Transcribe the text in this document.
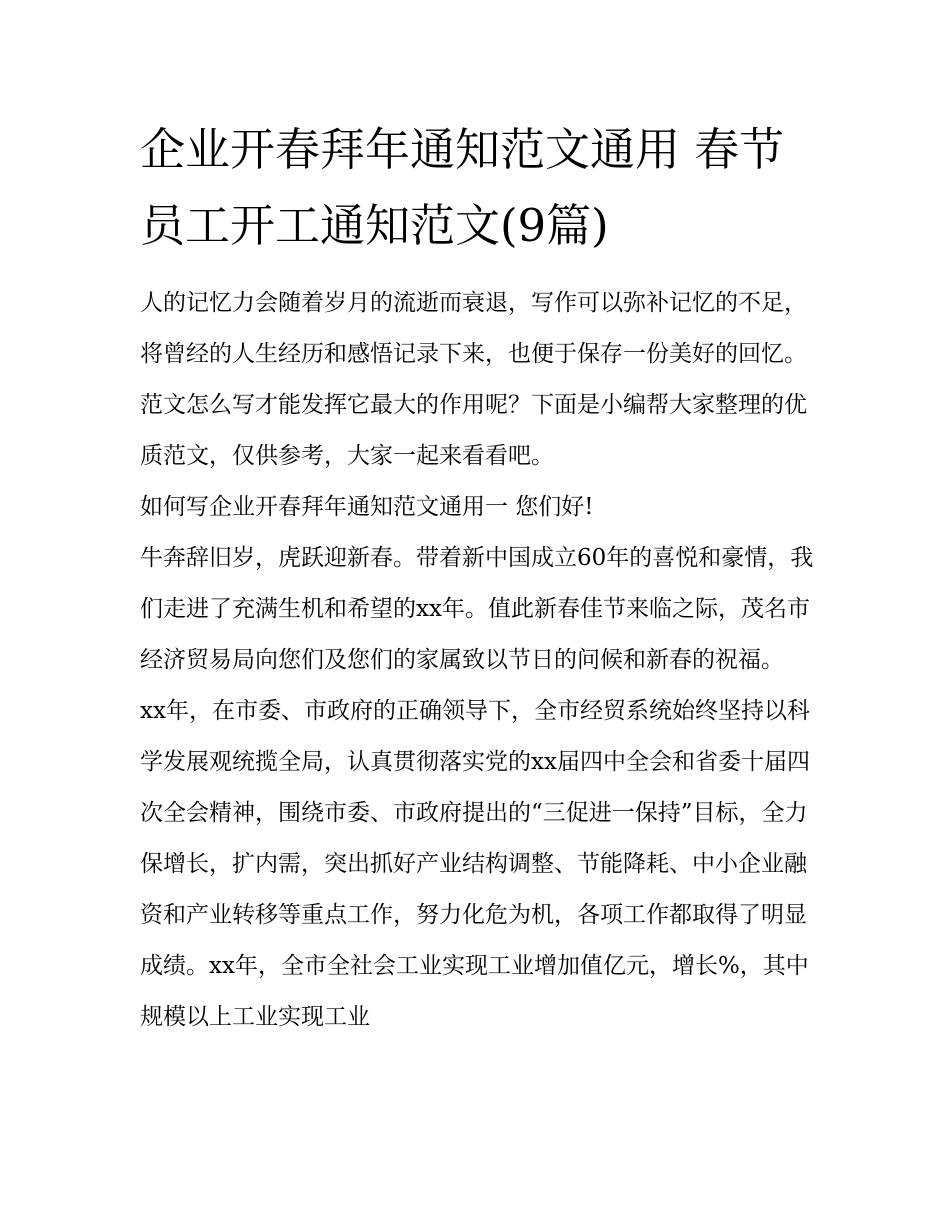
企业开春拜年通知范文通用 春节员工开工通知范文(9篇)

人的记忆力会随着岁月的流逝而衰退，写作可以弥补记忆的不足，将曾经的人生经历和感悟记录下来，也便于保存一份美好的回忆。范文怎么写才能发挥它最大的作用呢？下面是小编帮大家整理的优质范文，仅供参考，大家一起来看看吧。

如何写企业开春拜年通知范文通用一 您们好!

牛奔辞旧岁，虎跃迎新春。带着新中国成立60年的喜悦和豪情，我们走进了充满生机和希望的xx年。值此新春佳节来临之际，茂名市经济贸易局向您们及您们的家属致以节日的问候和新春的祝福。

xx年，在市委、市政府的正确领导下，全市经贸系统始终坚持以科学发展观统揽全局，认真贯彻落实党的xx届四中全会和省委十届四次全会精神，围绕市委、市政府提出的“三促进一保持”目标，全力保增长，扩内需，突出抓好产业结构调整、节能降耗、中小企业融资和产业转移等重点工作，努力化危为机，各项工作都取得了明显成绩。xx年，全市全社会工业实现工业增加值亿元，增长%，其中规模以上工业实现工业
